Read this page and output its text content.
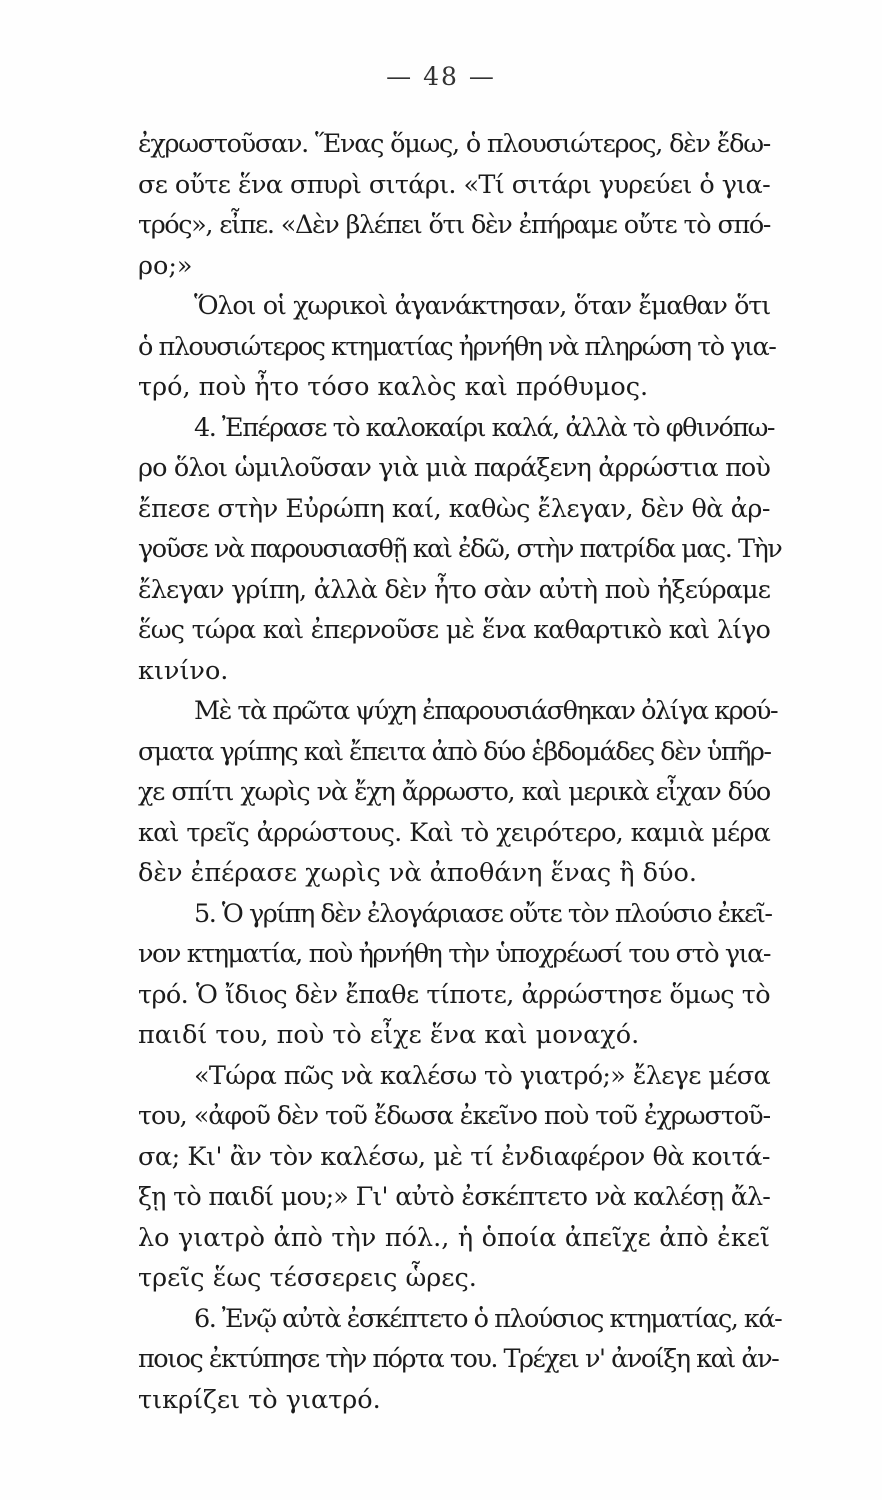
— 48 —
ἐχρωστοῦσαν. Ἕνας ὅμως, ὁ πλουσιώτερος, δὲν ἔδω-
σε οὔτε ἕνα σπυρὶ σιτάρι. «Τί σιτάρι γυρεύει ὁ για-
τρός», εἶπε. «Δὲν βλέπει ὅτι δὲν ἐπήραμε οὔτε τὸ σπό-
ρο;»
Ὅλοι οἱ χωρικοὶ ἀγανάκτησαν, ὅταν ἔμαθαν ὅτι
ὁ πλουσιώτερος κτηματίας ἠρνήθη νὰ πληρώση τὸ για-
τρό, ποὺ ἦτο τόσο καλὸς καὶ πρόθυμος.
4. Ἐπέρασε τὸ καλοκαίρι καλά, ἀλλὰ τὸ φθινόπω-
ρο ὅλοι ὡμιλοῦσαν γιὰ μιὰ παράξενη ἀρρώστια ποὺ
ἔπεσε στὴν Εὐρώπη καί, καθὼς ἔλεγαν, δὲν θὰ ἀρ-
γοῦσε νὰ παρουσιασθῇ καὶ ἐδῶ, στὴν πατρίδα μας. Τὴν
ἔλεγαν γρίπη, ἀλλὰ δὲν ἦτο σὰν αὐτὴ ποὺ ἠξεύραμε
ἕως τώρα καὶ ἐπερνοῦσε μὲ ἕνα καθαρτικὸ καὶ λίγο
κινίνο.
Μὲ τὰ πρῶτα ψύχη ἐπαρουσιάσθηκαν ὀλίγα κρού-
σματα γρίπης καὶ ἔπειτα ἀπὸ δύο ἑβδομάδες δὲν ὑπῆρ-
χε σπίτι χωρὶς νὰ ἔχη ἄρρωστο, καὶ μερικὰ εἶχαν δύο
καὶ τρεῖς ἀρρώστους. Καὶ τὸ χειρότερο, καμιὰ μέρα
δὲν ἐπέρασε χωρὶς νὰ ἀποθάνη ἕνας ἢ δύο.
5. Ὁ γρίπη δὲν ἐλογάριασε οὔτε τὸν πλούσιο ἐκεῖ-
νον κτηματία, ποὺ ἠρνήθη τὴν ὑποχρέωσί του στὸ για-
τρό. Ὁ ἴδιος δὲν ἔπαθε τίποτε, ἀρρώστησε ὅμως τὸ
παιδί του, ποὺ τὸ εἶχε ἕνα καὶ μοναχό.
«Τώρα πῶς νὰ καλέσω τὸ γιατρό;» ἔλεγε μέσα
του, «ἀφοῦ δὲν τοῦ ἔδωσα ἐκεῖνο ποὺ τοῦ ἐχρωστοῦ-
σα; Κι' ἂν τὸν καλέσω, μὲ τί ἐνδιαφέρον θὰ κοιτά-
ξῃ τὸ παιδί μου;» Γι' αὐτὸ ἐσκέπτετο νὰ καλέσῃ ἄλ-
λο γιατρὸ ἀπὸ τὴν πόλ., ἡ ὁποία ἀπεῖχε ἀπὸ ἐκεῖ
τρεῖς ἕως τέσσερεις ὧρες.
6. Ἐνῷ αὐτὰ ἐσκέπτετο ὁ πλούσιος κτηματίας, κά-
ποιος ἐκτύπησε τὴν πόρτα του. Τρέχει ν' ἀνοίξη καὶ ἀν-
τικρίζει τὸ γιατρό.
